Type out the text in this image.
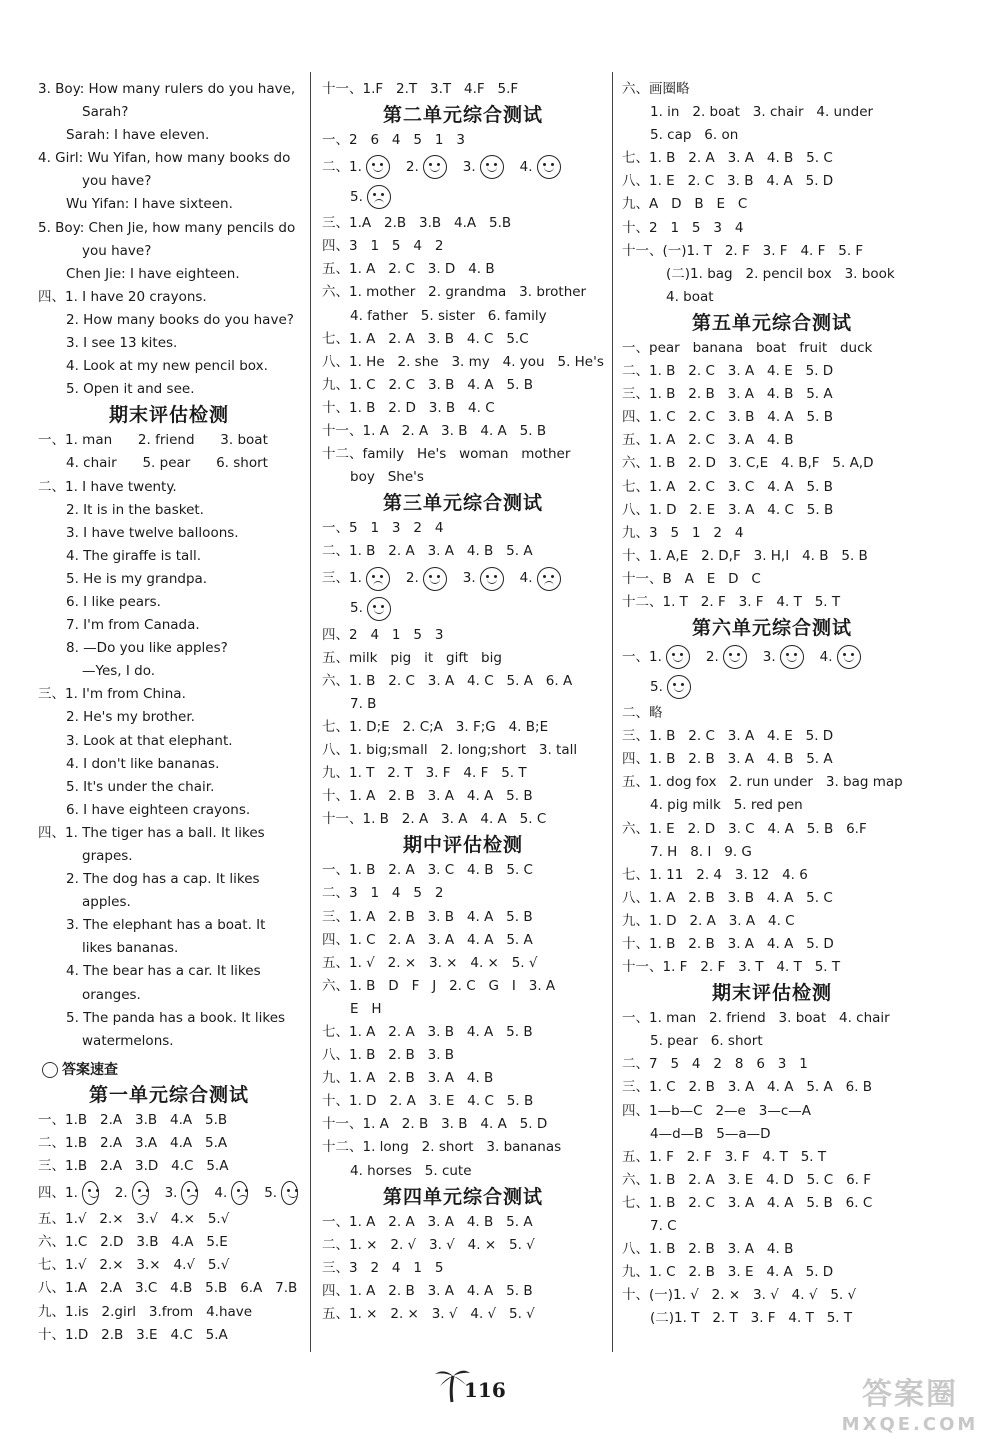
3. Boy: How many rulers do you have,
Sarah?
Sarah: I have eleven.
4. Girl: Wu Yifan, how many books do
you have?
Wu Yifan: I have sixteen.
5. Boy: Chen Jie, how many pencils do
you have?
Chen Jie: I have eighteen.
四、1. I have 20 crayons.
2. How many books do you have?
3. I see 13 kites.
4. Look at my new pencil box.
5. Open it and see.
期末评估检测
一、1. man      2. friend      3. boat
4. chair      5. pear      6. short
二、1. I have twenty.
2. It is in the basket.
3. I have twelve balloons.
4. The giraffe is tall.
5. He is my grandpa.
6. I like pears.
7. I'm from Canada.
8. —Do you like apples?
—Yes, I do.
三、1. I'm from China.
2. He's my brother.
3. Look at that elephant.
4. I don't like bananas.
5. It's under the chair.
6. I have eighteen crayons.
四、1. The tiger has a ball. It likes
grapes.
2. The dog has a cap. It likes
apples.
3. The elephant has a boat. It
likes bananas.
4. The bear has a car. It likes
oranges.
5. The panda has a book. It likes
watermelons.
答案速查
第一单元综合测试
一、1.B   2.A   3.B   4.A   5.B
二、1.B   2.A   3.A   4.A   5.A
三、1.B   2.A   3.D   4.C   5.A
四、1.	2.	3.	4.	5.
五、1.√   2.×   3.√   4.×   5.√
六、1.C   2.D   3.B   4.A   5.E
七、1.√   2.×   3.×   4.√   5.√
八、1.A   2.A   3.C   4.B   5.B   6.A   7.B
九、1.is   2.girl   3.from   4.have
十、1.D   2.B   3.E   4.C   5.A
十一、1.F   2.T   3.T   4.F   5.F
第二单元综合测试
一、2   6   4   5   1   3
二、1.	2.	3.	4.
5.
三、1.A   2.B   3.B   4.A   5.B
四、3   1   5   4   2
五、1. A   2. C   3. D   4. B
六、1. mother   2. grandma   3. brother
4. father   5. sister   6. family
七、1. A   2. A   3. B   4. C   5.C
八、1. He   2. she   3. my   4. you   5. He's
九、1. C   2. C   3. B   4. A   5. B
十、1. B   2. D   3. B   4. C
十一、1. A   2. A   3. B   4. A   5. B
十二、family   He's   woman   mother
boy   She's
第三单元综合测试
一、5   1   3   2   4
二、1. B   2. A   3. A   4. B   5. A
三、1.	2.	3.	4.
5.
四、2   4   1   5   3
五、milk   pig   it   gift   big
六、1. B   2. C   3. A   4. C   5. A   6. A
7. B
七、1. D;E   2. C;A   3. F;G   4. B;E
八、1. big;small   2. long;short   3. tall
九、1. T   2. T   3. F   4. F   5. T
十、1. A   2. B   3. A   4. A   5. B
十一、1. B   2. A   3. A   4. A   5. C
期中评估检测
一、1. B   2. A   3. C   4. B   5. C
二、3   1   4   5   2
三、1. A   2. B   3. B   4. A   5. B
四、1. C   2. A   3. A   4. A   5. A
五、1. √   2. ×   3. ×   4. ×   5. √
六、1. B   D   F   J   2. C   G   I   3. A
E   H
七、1. A   2. A   3. B   4. A   5. B
八、1. B   2. B   3. B
九、1. A   2. B   3. A   4. B
十、1. D   2. A   3. E   4. C   5. B
十一、1. A   2. B   3. B   4. A   5. D
十二、1. long   2. short   3. bananas
4. horses   5. cute
第四单元综合测试
一、1. A   2. A   3. A   4. B   5. A
二、1. ×   2. √   3. √   4. ×   5. √
三、3   2   4   1   5
四、1. A   2. B   3. A   4. A   5. B
五、1. ×   2. ×   3. √   4. √   5. √
六、画圈略
1. in   2. boat   3. chair   4. under
5. cap   6. on
七、1. B   2. A   3. A   4. B   5. C
八、1. E   2. C   3. B   4. A   5. D
九、A   D   B   E   C
十、2   1   5   3   4
十一、(一)1. T   2. F   3. F   4. F   5. F
(二)1. bag   2. pencil box   3. book
4. boat
第五单元综合测试
一、pear   banana   boat   fruit   duck
二、1. B   2. C   3. A   4. E   5. D
三、1. B   2. B   3. A   4. B   5. A
四、1. C   2. C   3. B   4. A   5. B
五、1. A   2. C   3. A   4. B
六、1. B   2. D   3. C,E   4. B,F   5. A,D
七、1. A   2. C   3. C   4. A   5. B
八、1. D   2. E   3. A   4. C   5. B
九、3   5   1   2   4
十、1. A,E   2. D,F   3. H,I   4. B   5. B
十一、B   A   E   D   C
十二、1. T   2. F   3. F   4. T   5. T
第六单元综合测试
一、1.	2.	3.	4.
5.
二、略
三、1. B   2. C   3. A   4. E   5. D
四、1. B   2. B   3. A   4. B   5. A
五、1. dog fox   2. run under   3. bag map
4. pig milk   5. red pen
六、1. E   2. D   3. C   4. A   5. B   6.F
7. H   8. I   9. G
七、1. 11   2. 4   3. 12   4. 6
八、1. A   2. B   3. B   4. A   5. C
九、1. D   2. A   3. A   4. C
十、1. B   2. B   3. A   4. A   5. D
十一、1. F   2. F   3. T   4. T   5. T
期末评估检测
一、1. man   2. friend   3. boat   4. chair
5. pear   6. short
二、7   5   4   2   8   6   3   1
三、1. C   2. B   3. A   4. A   5. A   6. B
四、1—b—C   2—e   3—c—A
4—d—B   5—a—D
五、1. F   2. F   3. F   4. T   5. T
六、1. B   2. A   3. E   4. D   5. C   6. F
七、1. B   2. C   3. A   4. A   5. B   6. C
7. C
八、1. B   2. B   3. A   4. B
九、1. C   2. B   3. E   4. A   5. D
十、(一)1. √   2. ×   3. √   4. √   5. √
(二)1. T   2. T   3. F   4. T   5. T
116	答案圈
MXQE.COM
